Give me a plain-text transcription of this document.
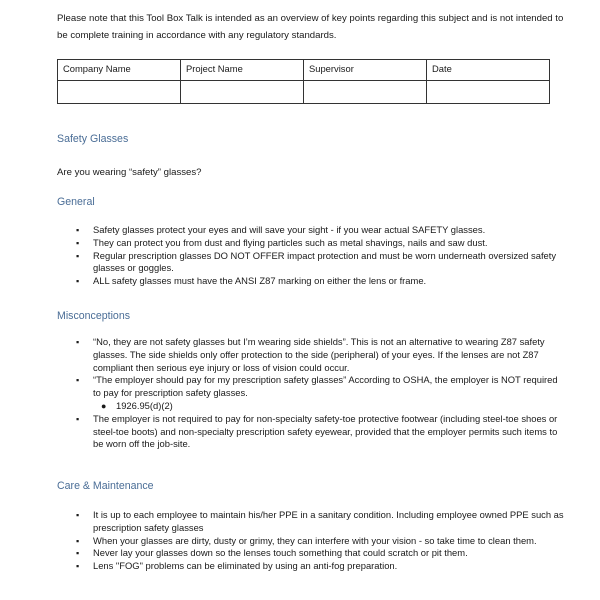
Please note that this Tool Box Talk is intended as an overview of key points regarding this subject and is not intended to be complete training in accordance with any regulatory standards.
Company Name	Project Name	Supervisor	Date

Safety Glasses
Are you wearing “safety” glasses?
General
▪ Safety glasses protect your eyes and will save your sight - if you wear actual SAFETY glasses.
▪ They can protect you from dust and flying particles such as metal shavings, nails and saw dust.
▪ Regular prescription glasses DO NOT OFFER impact protection and must be worn underneath oversized safety glasses or goggles.
▪ ALL safety glasses must have the ANSI Z87 marking on either the lens or frame.
Misconceptions
▪ “No, they are not safety glasses but I’m wearing side shields”. This is not an alternative to wearing Z87 safety glasses. The side shields only offer protection to the side (peripheral) of your eyes. If the lenses are not Z87 compliant then serious eye injury or loss of vision could occur.
▪ “The employer should pay for my prescription safety glasses” According to OSHA, the employer is NOT required to pay for prescription safety glasses.
● 1926.95(d)(2)
▪ The employer is not required to pay for non-specialty safety-toe protective footwear (including steel-toe shoes or steel-toe boots) and non-specialty prescription safety eyewear, provided that the employer permits such items to be worn off the job-site.
Care & Maintenance
▪ It is up to each employee to maintain his/her PPE in a sanitary condition. Including employee owned PPE such as prescription safety glasses
▪ When your glasses are dirty, dusty or grimy, they can interfere with your vision - so take time to clean them.
▪ Never lay your glasses down so the lenses touch something that could scratch or pit them.
▪ Lens "FOG" problems can be eliminated by using an anti-fog preparation.
